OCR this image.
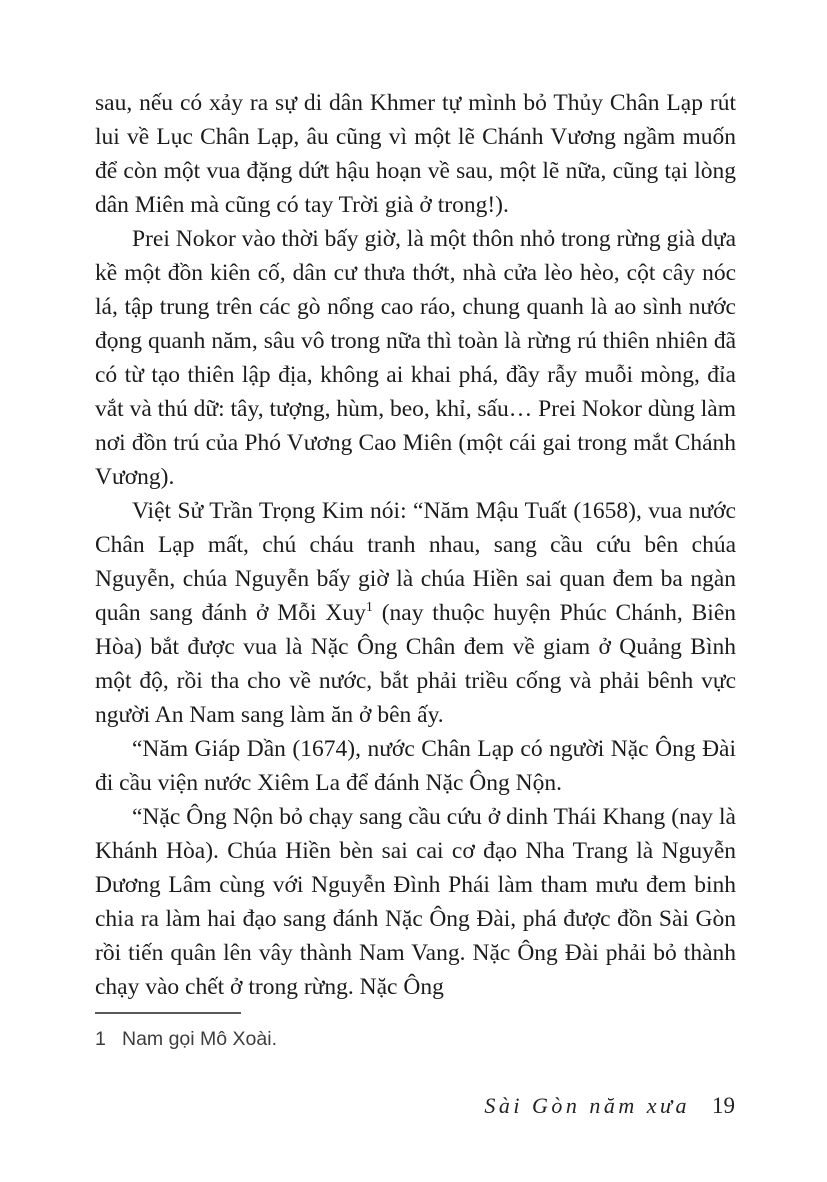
sau, nếu có xảy ra sự di dân Khmer tự mình bỏ Thủy Chân Lạp rút lui về Lục Chân Lạp, âu cũng vì một lẽ Chánh Vương ngầm muốn để còn một vua đặng dứt hậu hoạn về sau, một lẽ nữa, cũng tại lòng dân Miên mà cũng có tay Trời già ở trong!).

Prei Nokor vào thời bấy giờ, là một thôn nhỏ trong rừng già dựa kề một đồn kiên cố, dân cư thưa thớt, nhà cửa lèo hèo, cột cây nóc lá, tập trung trên các gò nổng cao ráo, chung quanh là ao sình nước đọng quanh năm, sâu vô trong nữa thì toàn là rừng rú thiên nhiên đã có từ tạo thiên lập địa, không ai khai phá, đầy rẫy muỗi mòng, đỉa vắt và thú dữ: tây, tượng, hùm, beo, khỉ, sấu… Prei Nokor dùng làm nơi đồn trú của Phó Vương Cao Miên (một cái gai trong mắt Chánh Vương).

Việt Sử Trần Trọng Kim nói: “Năm Mậu Tuất (1658), vua nước Chân Lạp mất, chú cháu tranh nhau, sang cầu cứu bên chúa Nguyễn, chúa Nguyễn bấy giờ là chúa Hiền sai quan đem ba ngàn quân sang đánh ở Mỗi Xuy$^1$ (nay thuộc huyện Phúc Chánh, Biên Hòa) bắt được vua là Nặc Ông Chân đem về giam ở Quảng Bình một độ, rồi tha cho về nước, bắt phải triều cống và phải bênh vực người An Nam sang làm ăn ở bên ấy.

“Năm Giáp Dần (1674), nước Chân Lạp có người Nặc Ông Đài đi cầu viện nước Xiêm La để đánh Nặc Ông Nộn.

“Nặc Ông Nộn bỏ chạy sang cầu cứu ở dinh Thái Khang (nay là Khánh Hòa). Chúa Hiền bèn sai cai cơ đạo Nha Trang là Nguyễn Dương Lâm cùng với Nguyễn Đình Phái làm tham mưu đem binh chia ra làm hai đạo sang đánh Nặc Ông Đài, phá được đồn Sài Gòn rồi tiến quân lên vây thành Nam Vang. Nặc Ông Đài phải bỏ thành chạy vào chết ở trong rừng. Nặc Ông

1 Nam gọi Mô Xoài.
Sài Gòn năm xưa 19
